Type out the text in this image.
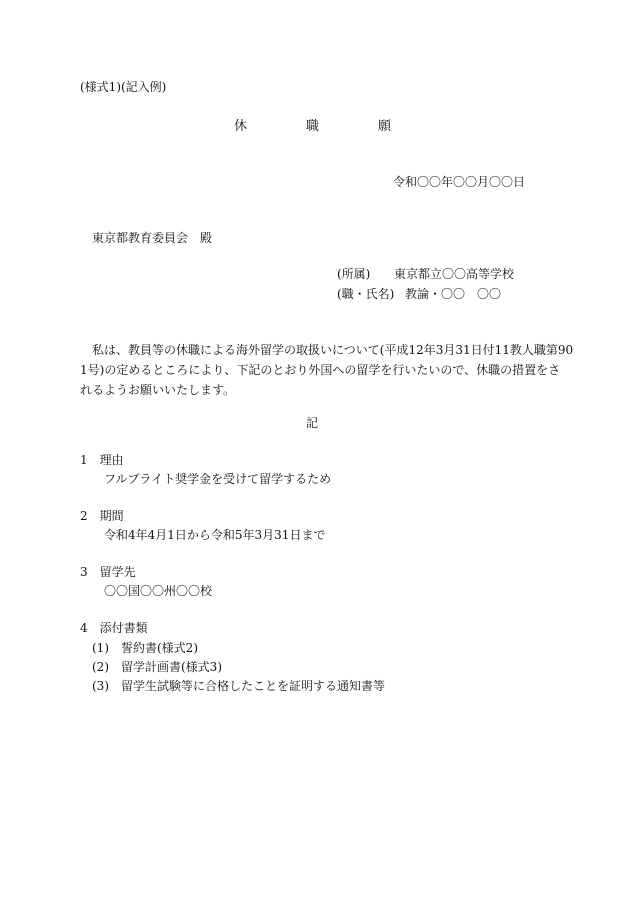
(様式1)(記入例)
休	職	願
令和〇〇年〇〇月〇〇日
東京都教育委員会　殿
(所属) 東京都立〇〇高等学校
(職・氏名) 教論・〇〇　〇〇
私は、教員等の休職による海外留学の取扱いについて(平成12年3月31日付11教人職第90
1号)の定めるところにより、下記のとおり外国への留学を行いたいので、休職の措置をさ
れるようお願いいたします。
記
1　理由
フルブライト奨学金を受けて留学するため
2　期間
令和4年4月1日から令和5年3月31日まで
3　留学先
〇〇国〇〇州〇〇校
4　添付書類
(1)　誓約書(様式2)
(2)　留学計画書(様式3)
(3)　留学生試験等に合格したことを証明する通知書等
